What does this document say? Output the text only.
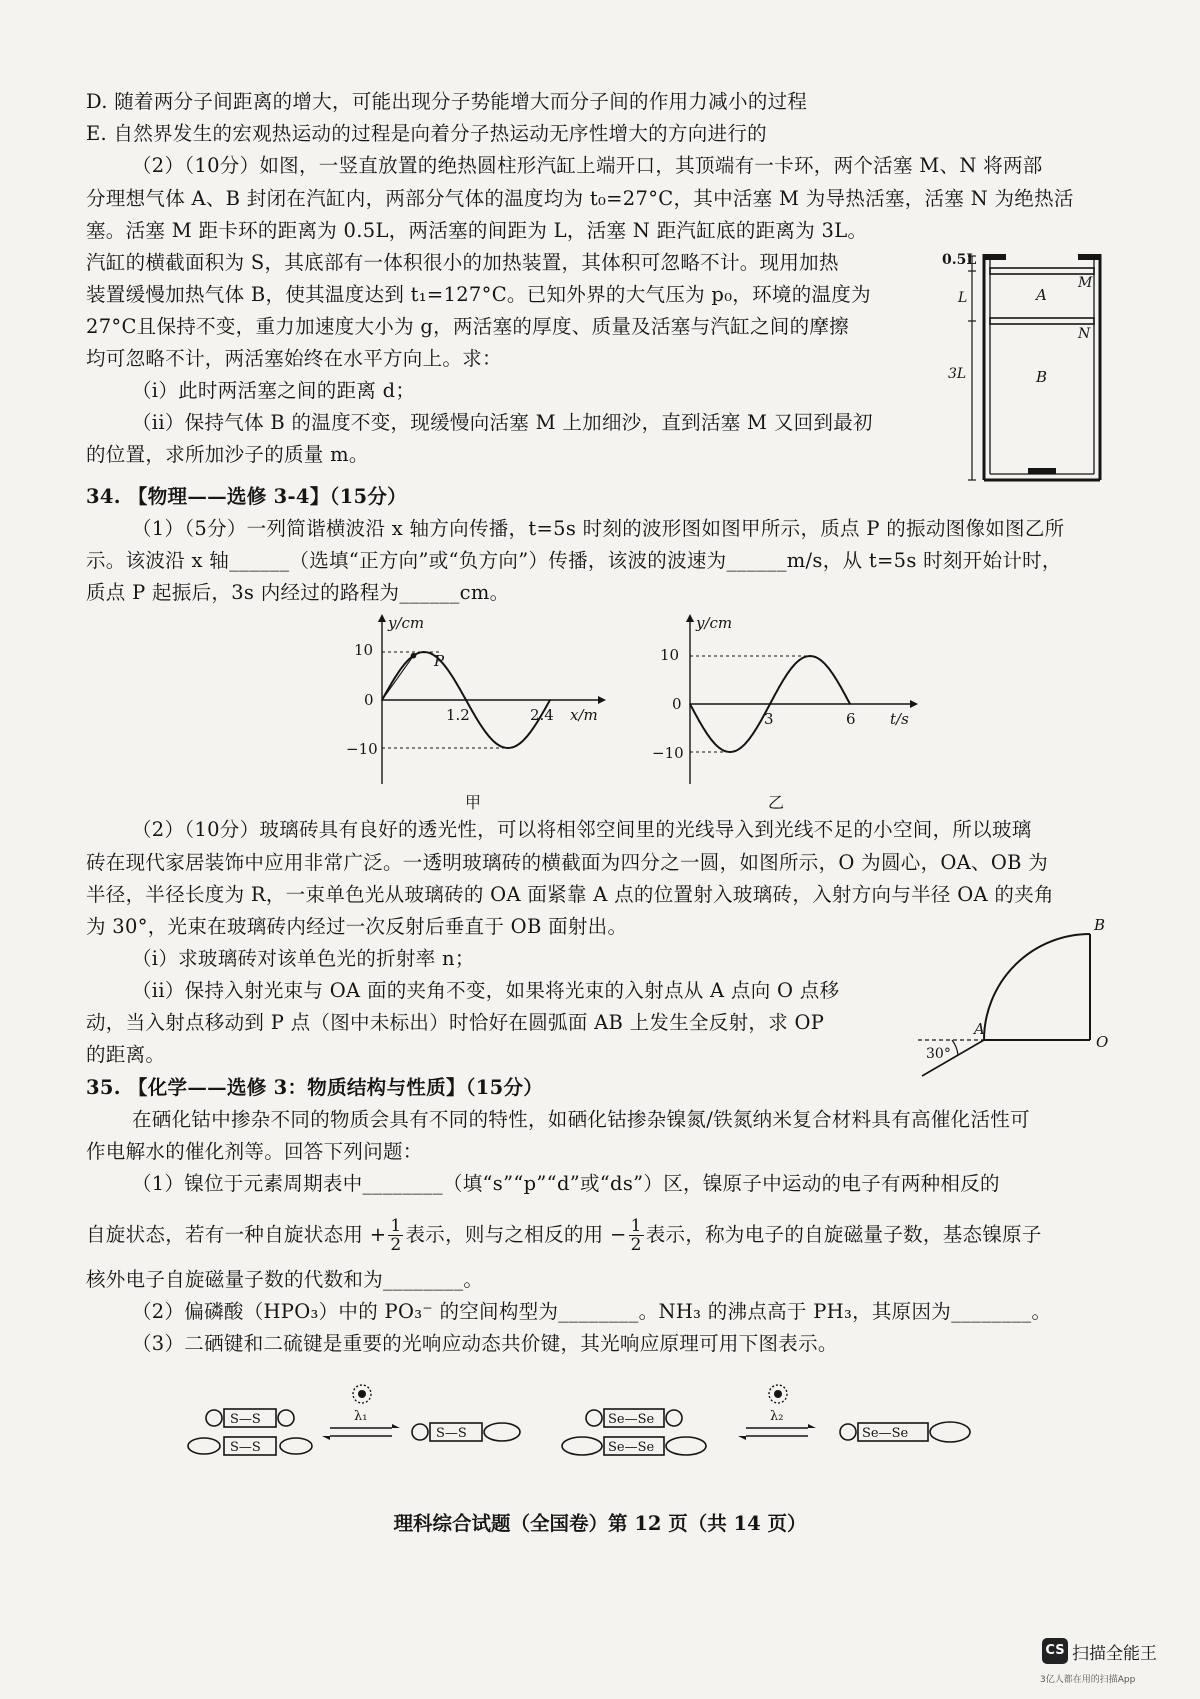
D. 随着两分子间距离的增大，可能出现分子势能增大而分子间的作用力减小的过程
E. 自然界发生的宏观热运动的过程是向着分子热运动无序性增大的方向进行的
（2）（10分）如图，一竖直放置的绝热圆柱形汽缸上端开口，其顶端有一卡环，两个活塞 M、N 将两部
分理想气体 A、B 封闭在汽缸内，两部分气体的温度均为 t₀=27°C，其中活塞 M 为导热活塞，活塞 N 为绝热活
塞。活塞 M 距卡环的距离为 0.5L，两活塞的间距为 L，活塞 N 距汽缸底的距离为 3L。
汽缸的横截面积为 S，其底部有一体积很小的加热装置，其体积可忽略不计。现用加热
装置缓慢加热气体 B，使其温度达到 t₁=127°C。已知外界的大气压为 p₀，环境的温度为
27°C且保持不变，重力加速度大小为 g，两活塞的厚度、质量及活塞与汽缸之间的摩擦
均可忽略不计，两活塞始终在水平方向上。求：
（i）此时两活塞之间的距离 d；
（ii）保持气体 B 的温度不变，现缓慢向活塞 M 上加细沙，直到活塞 M 又回到最初
的位置，求所加沙子的质量 m。
0.5L
L
3L
A
B
M
N
34. 【物理——选修 3-4】（15分）
（1）（5分）一列简谐横波沿 x 轴方向传播，t=5s 时刻的波形图如图甲所示，质点 P 的振动图像如图乙所
示。该波沿 x 轴______（选填“正方向”或“负方向”）传播，该波的波速为______m/s，从 t=5s 时刻开始计时，
质点 P 起振后，3s 内经过的路程为______cm。
y/cm
x/m
10
0
−10
1.2	2.4
P
甲
y/cm
t/s
10
0
−10
3	6
乙
（2）（10分）玻璃砖具有良好的透光性，可以将相邻空间里的光线导入到光线不足的小空间，所以玻璃
砖在现代家居装饰中应用非常广泛。一透明玻璃砖的横截面为四分之一圆，如图所示，O 为圆心，OA、OB 为
半径，半径长度为 R，一束单色光从玻璃砖的 OA 面紧靠 A 点的位置射入玻璃砖，入射方向与半径 OA 的夹角
为 30°，光束在玻璃砖内经过一次反射后垂直于 OB 面射出。
（i）求玻璃砖对该单色光的折射率 n；
（ii）保持入射光束与 OA 面的夹角不变，如果将光束的入射点从 A 点向 O 点移
动，当入射点移动到 P 点（图中未标出）时恰好在圆弧面 AB 上发生全反射，求 OP
的距离。
B
A
O
30°
35. 【化学——选修 3：物质结构与性质】（15分）
在硒化钴中掺杂不同的物质会具有不同的特性，如硒化钴掺杂镍氮/铁氮纳米复合材料具有高催化活性可
作电解水的催化剂等。回答下列问题：
（1）镍位于元素周期表中________（填“s”“p”“d”或“ds”）区，镍原子中运动的电子有两种相反的
自旋状态，若有一种自旋状态用 + $\frac{1}{2}$ 表示，则与之相反的用 − $\frac{1}{2}$ 表示，称为电子的自旋磁量子数，基态镍原子
核外电子自旋磁量子数的代数和为________。
（2）偏磷酸（HPO₃）中的 PO₃⁻ 的空间构型为________。NH₃ 的沸点高于 PH₃，其原因为________。
（3）二硒键和二硫键是重要的光响应动态共价键，其光响应原理可用下图表示。
S—S
S—S
λ₁
S—S
Se—Se
Se—Se
λ₂
Se—Se
理科综合试题（全国卷）第 12 页（共 14 页）
CS 扫描全能王
3亿人都在用的扫描App
